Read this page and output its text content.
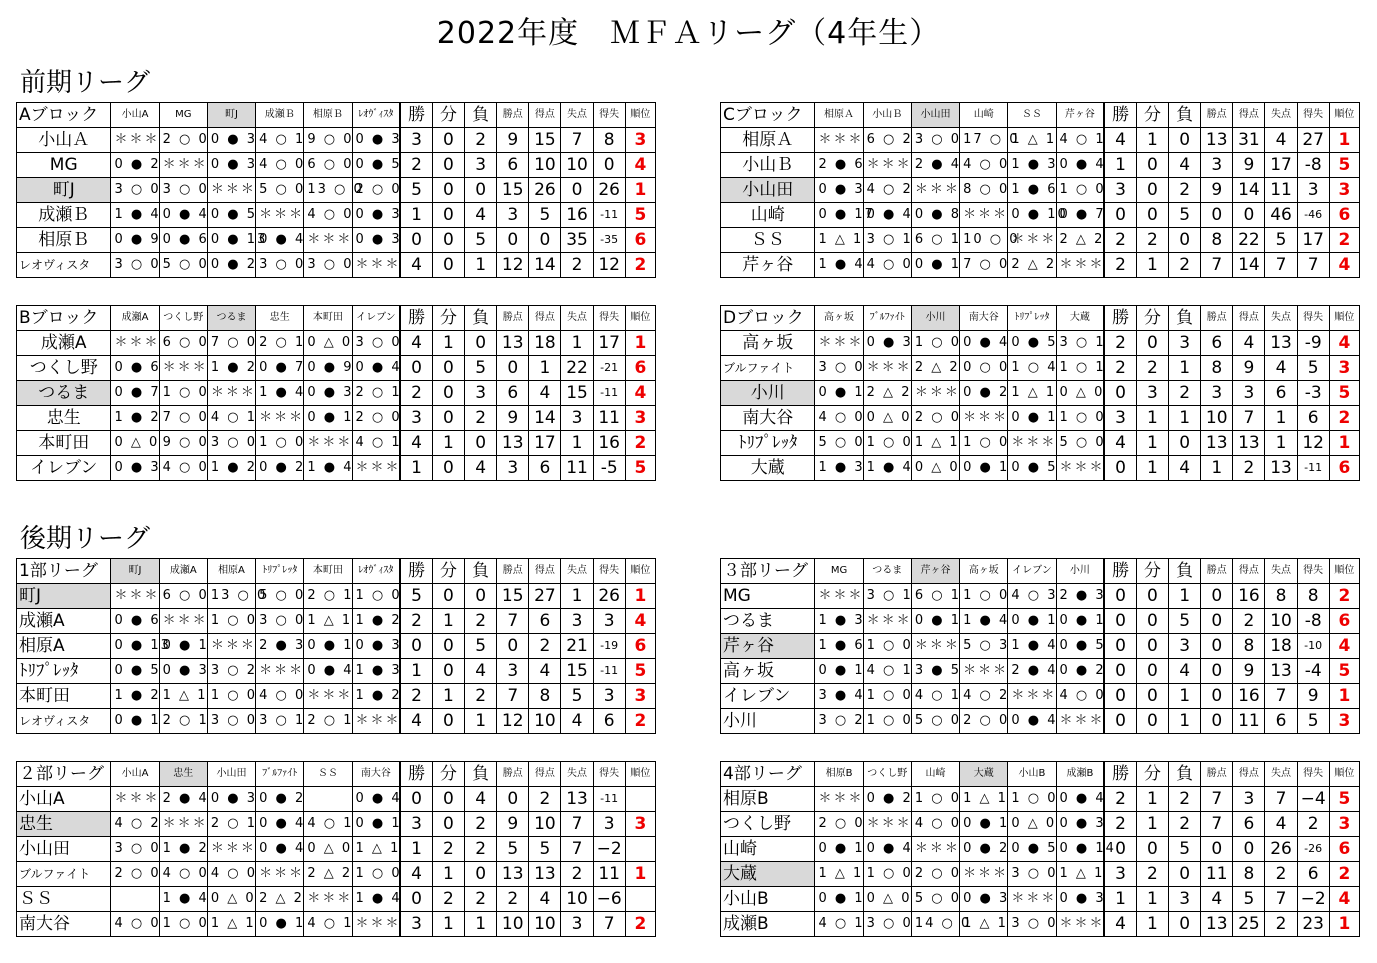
2022年度　ＭＦＡリーグ（4年生）
前期リーグ
後期リーグ
Aブロック	小山A	MG	町J	成瀬Ｂ	相原Ｂ	ﾚｵｳﾞｨｽﾀ	勝	分	負	勝点	得点	失点	得失	順位
小山Ａ	＊＊＊	2 ○ 0	0 ● 3	4 ○ 1	9 ○ 0	0 ● 3	3	0	2	9	15	7	8	3
MG	0 ● 2	＊＊＊	0 ● 3	4 ○ 0	6 ○ 0	0 ● 5	2	0	3	6	10	10	0	4
町J	3 ○ 0	3 ○ 0	＊＊＊	5 ○ 0	13 ○ 0	2 ○ 0	5	0	0	15	26	0	26	1
成瀬Ｂ	1 ● 4	0 ● 4	0 ● 5	＊＊＊	4 ○ 0	0 ● 3	1	0	4	3	5	16	-11	5
相原Ｂ	0 ● 9	0 ● 6	0 ● 13	0 ● 4	＊＊＊	0 ● 3	0	0	5	0	0	35	-35	6
レオヴィスタ	3 ○ 0	5 ○ 0	0 ● 2	3 ○ 0	3 ○ 0	＊＊＊	4	0	1	12	14	2	12	2
Cブロック	相原Ａ	小山Ｂ	小山田	山崎	ＳＳ	芹ヶ谷	勝	分	負	勝点	得点	失点	得失	順位
相原Ａ	＊＊＊	6 ○ 2	3 ○ 0	17 ○ 0	1 △ 1	4 ○ 1	4	1	0	13	31	4	27	1
小山Ｂ	2 ● 6	＊＊＊	2 ● 4	4 ○ 0	1 ● 3	0 ● 4	1	0	4	3	9	17	-8	5
小山田	0 ● 3	4 ○ 2	＊＊＊	8 ○ 0	1 ● 6	1 ○ 0	3	0	2	9	14	11	3	3
山崎	0 ● 17	0 ● 4	0 ● 8	＊＊＊	0 ● 10	0 ● 7	0	0	5	0	0	46	-46	6
ＳＳ	1 △ 1	3 ○ 1	6 ○ 1	10 ○ 0	＊＊＊	2 △ 2	2	2	0	8	22	5	17	2
芹ヶ谷	1 ● 4	4 ○ 0	0 ● 1	7 ○ 0	2 △ 2	＊＊＊	2	1	2	7	14	7	7	4
Bブロック	成瀬A	つくし野	つるま	忠生	本町田	イレブン	勝	分	負	勝点	得点	失点	得失	順位
成瀬A	＊＊＊	6 ○ 0	7 ○ 0	2 ○ 1	0 △ 0	3 ○ 0	4	1	0	13	18	1	17	1
つくし野	0 ● 6	＊＊＊	1 ● 2	0 ● 7	0 ● 9	0 ● 4	0	0	5	0	1	22	-21	6
つるま	0 ● 7	1 ○ 0	＊＊＊	1 ● 4	0 ● 3	2 ○ 1	2	0	3	6	4	15	-11	4
忠生	1 ● 2	7 ○ 0	4 ○ 1	＊＊＊	0 ● 1	2 ○ 0	3	0	2	9	14	3	11	3
本町田	0 △ 0	9 ○ 0	3 ○ 0	1 ○ 0	＊＊＊	4 ○ 1	4	1	0	13	17	1	16	2
イレブン	0 ● 3	4 ○ 0	1 ● 2	0 ● 2	1 ● 4	＊＊＊	1	0	4	3	6	11	-5	5
Dブロック	高ヶ坂	ﾌﾞﾙﾌｧｲﾄ	小川	南大谷	ﾄﾘﾌﾟﾚｯﾀ	大蔵	勝	分	負	勝点	得点	失点	得失	順位
高ヶ坂	＊＊＊	0 ● 3	1 ○ 0	0 ● 4	0 ● 5	3 ○ 1	2	0	3	6	4	13	-9	4
ブルファイト	3 ○ 0	＊＊＊	2 △ 2	0 ○ 0	1 ○ 4	1 ○ 1	2	2	1	8	9	4	5	3
小川	0 ● 1	2 △ 2	＊＊＊	0 ● 2	1 △ 1	0 △ 0	0	3	2	3	3	6	-3	5
南大谷	4 ○ 0	0 △ 0	2 ○ 0	＊＊＊	0 ● 1	1 ○ 0	3	1	1	10	7	1	6	2
ﾄﾘﾌﾟﾚｯﾀ	5 ○ 0	1 ○ 0	1 △ 1	1 ○ 0	＊＊＊	5 ○ 0	4	1	0	13	13	1	12	1
大蔵	1 ● 3	1 ● 4	0 △ 0	0 ● 1	0 ● 5	＊＊＊	0	1	4	1	2	13	-11	6
1部リーグ	町J	成瀬A	相原A	ﾄﾘﾌﾟﾚｯﾀ	本町田	ﾚｵｳﾞｨｽﾀ	勝	分	負	勝点	得点	失点	得失	順位
町J	＊＊＊	6 ○ 0	13 ○ 0	5 ○ 0	2 ○ 1	1 ○ 0	5	0	0	15	27	1	26	1
成瀬A	0 ● 6	＊＊＊	1 ○ 0	3 ○ 0	1 △ 1	1 ● 2	2	1	2	7	6	3	3	4
相原A	0 ● 13	0 ● 1	＊＊＊	2 ● 3	0 ● 1	0 ● 3	0	0	5	0	2	21	-19	6
ﾄﾘﾌﾟﾚｯﾀ	0 ● 5	0 ● 3	3 ○ 2	＊＊＊	0 ● 4	1 ● 3	1	0	4	3	4	15	-11	5
本町田	1 ● 2	1 △ 1	1 ○ 0	4 ○ 0	＊＊＊	1 ● 2	2	1	2	7	8	5	3	3
レオヴィスタ	0 ● 1	2 ○ 1	3 ○ 0	3 ○ 1	2 ○ 1	＊＊＊	4	0	1	12	10	4	6	2
３部リーグ	MG	つるま	芹ヶ谷	高ヶ坂	イレブン	小川	勝	分	負	勝点	得点	失点	得失	順位
MG	＊＊＊	3 ○ 1	6 ○ 1	1 ○ 0	4 ○ 3	2 ● 3	0	0	1	0	16	8	8	2
つるま	1 ● 3	＊＊＊	0 ● 1	1 ● 4	0 ● 1	0 ● 1	0	0	5	0	2	10	-8	6
芹ヶ谷	1 ● 6	1 ○ 0	＊＊＊	5 ○ 3	1 ● 4	0 ● 5	0	0	3	0	8	18	-10	4
高ヶ坂	0 ● 1	4 ○ 1	3 ● 5	＊＊＊	2 ● 4	0 ● 2	0	0	4	0	9	13	-4	5
イレブン	3 ● 4	1 ○ 0	4 ○ 1	4 ○ 2	＊＊＊	4 ○ 0	0	0	1	0	16	7	9	1
小川	3 ○ 2	1 ○ 0	5 ○ 0	2 ○ 0	0 ● 4	＊＊＊	0	0	1	0	11	6	5	3
２部リーグ	小山A	忠生	小山田	ﾌﾞﾙﾌｧｲﾄ	ＳＳ	南大谷	勝	分	負	勝点	得点	失点	得失	順位
小山A	＊＊＊	2 ● 4	0 ● 3	0 ● 2		0 ● 4	0	0	4	0	2	13	-11	
忠生	4 ○ 2	＊＊＊	2 ○ 1	0 ● 4	4 ○ 1	0 ● 1	3	0	2	9	10	7	3	3
小山田	3 ○ 0	1 ● 2	＊＊＊	0 ● 4	0 △ 0	1 △ 1	1	2	2	5	5	7	−2	
ブルファイト	2 ○ 0	4 ○ 0	4 ○ 0	＊＊＊	2 △ 2	1 ○ 0	4	1	0	13	13	2	11	1
ＳＳ		1 ● 4	0 △ 0	2 △ 2	＊＊＊	1 ● 4	0	2	2	2	4	10	−6	
南大谷	4 ○ 0	1 ○ 0	1 △ 1	0 ● 1	4 ○ 1	＊＊＊	3	1	1	10	10	3	7	2
4部リーグ	相原B	つくし野	山崎	大蔵	小山B	成瀬B	勝	分	負	勝点	得点	失点	得失	順位
相原B	＊＊＊	0 ● 2	1 ○ 0	1 △ 1	1 ○ 0	0 ● 4	2	1	2	7	3	7	−4	5
つくし野	2 ○ 0	＊＊＊	4 ○ 0	0 ● 1	0 △ 0	0 ● 3	2	1	2	7	6	4	2	3
山崎	0 ● 1	0 ● 4	＊＊＊	0 ● 2	0 ● 5	0 ● 14	0	0	5	0	0	26	-26	6
大蔵	1 △ 1	1 ○ 0	2 ○ 0	＊＊＊	3 ○ 0	1 △ 1	3	2	0	11	8	2	6	2
小山B	0 ● 1	0 △ 0	5 ○ 0	0 ● 3	＊＊＊	0 ● 3	1	1	3	4	5	7	−2	4
成瀬B	4 ○ 1	3 ○ 0	14 ○ 0	1 △ 1	3 ○ 0	＊＊＊	4	1	0	13	25	2	23	1
